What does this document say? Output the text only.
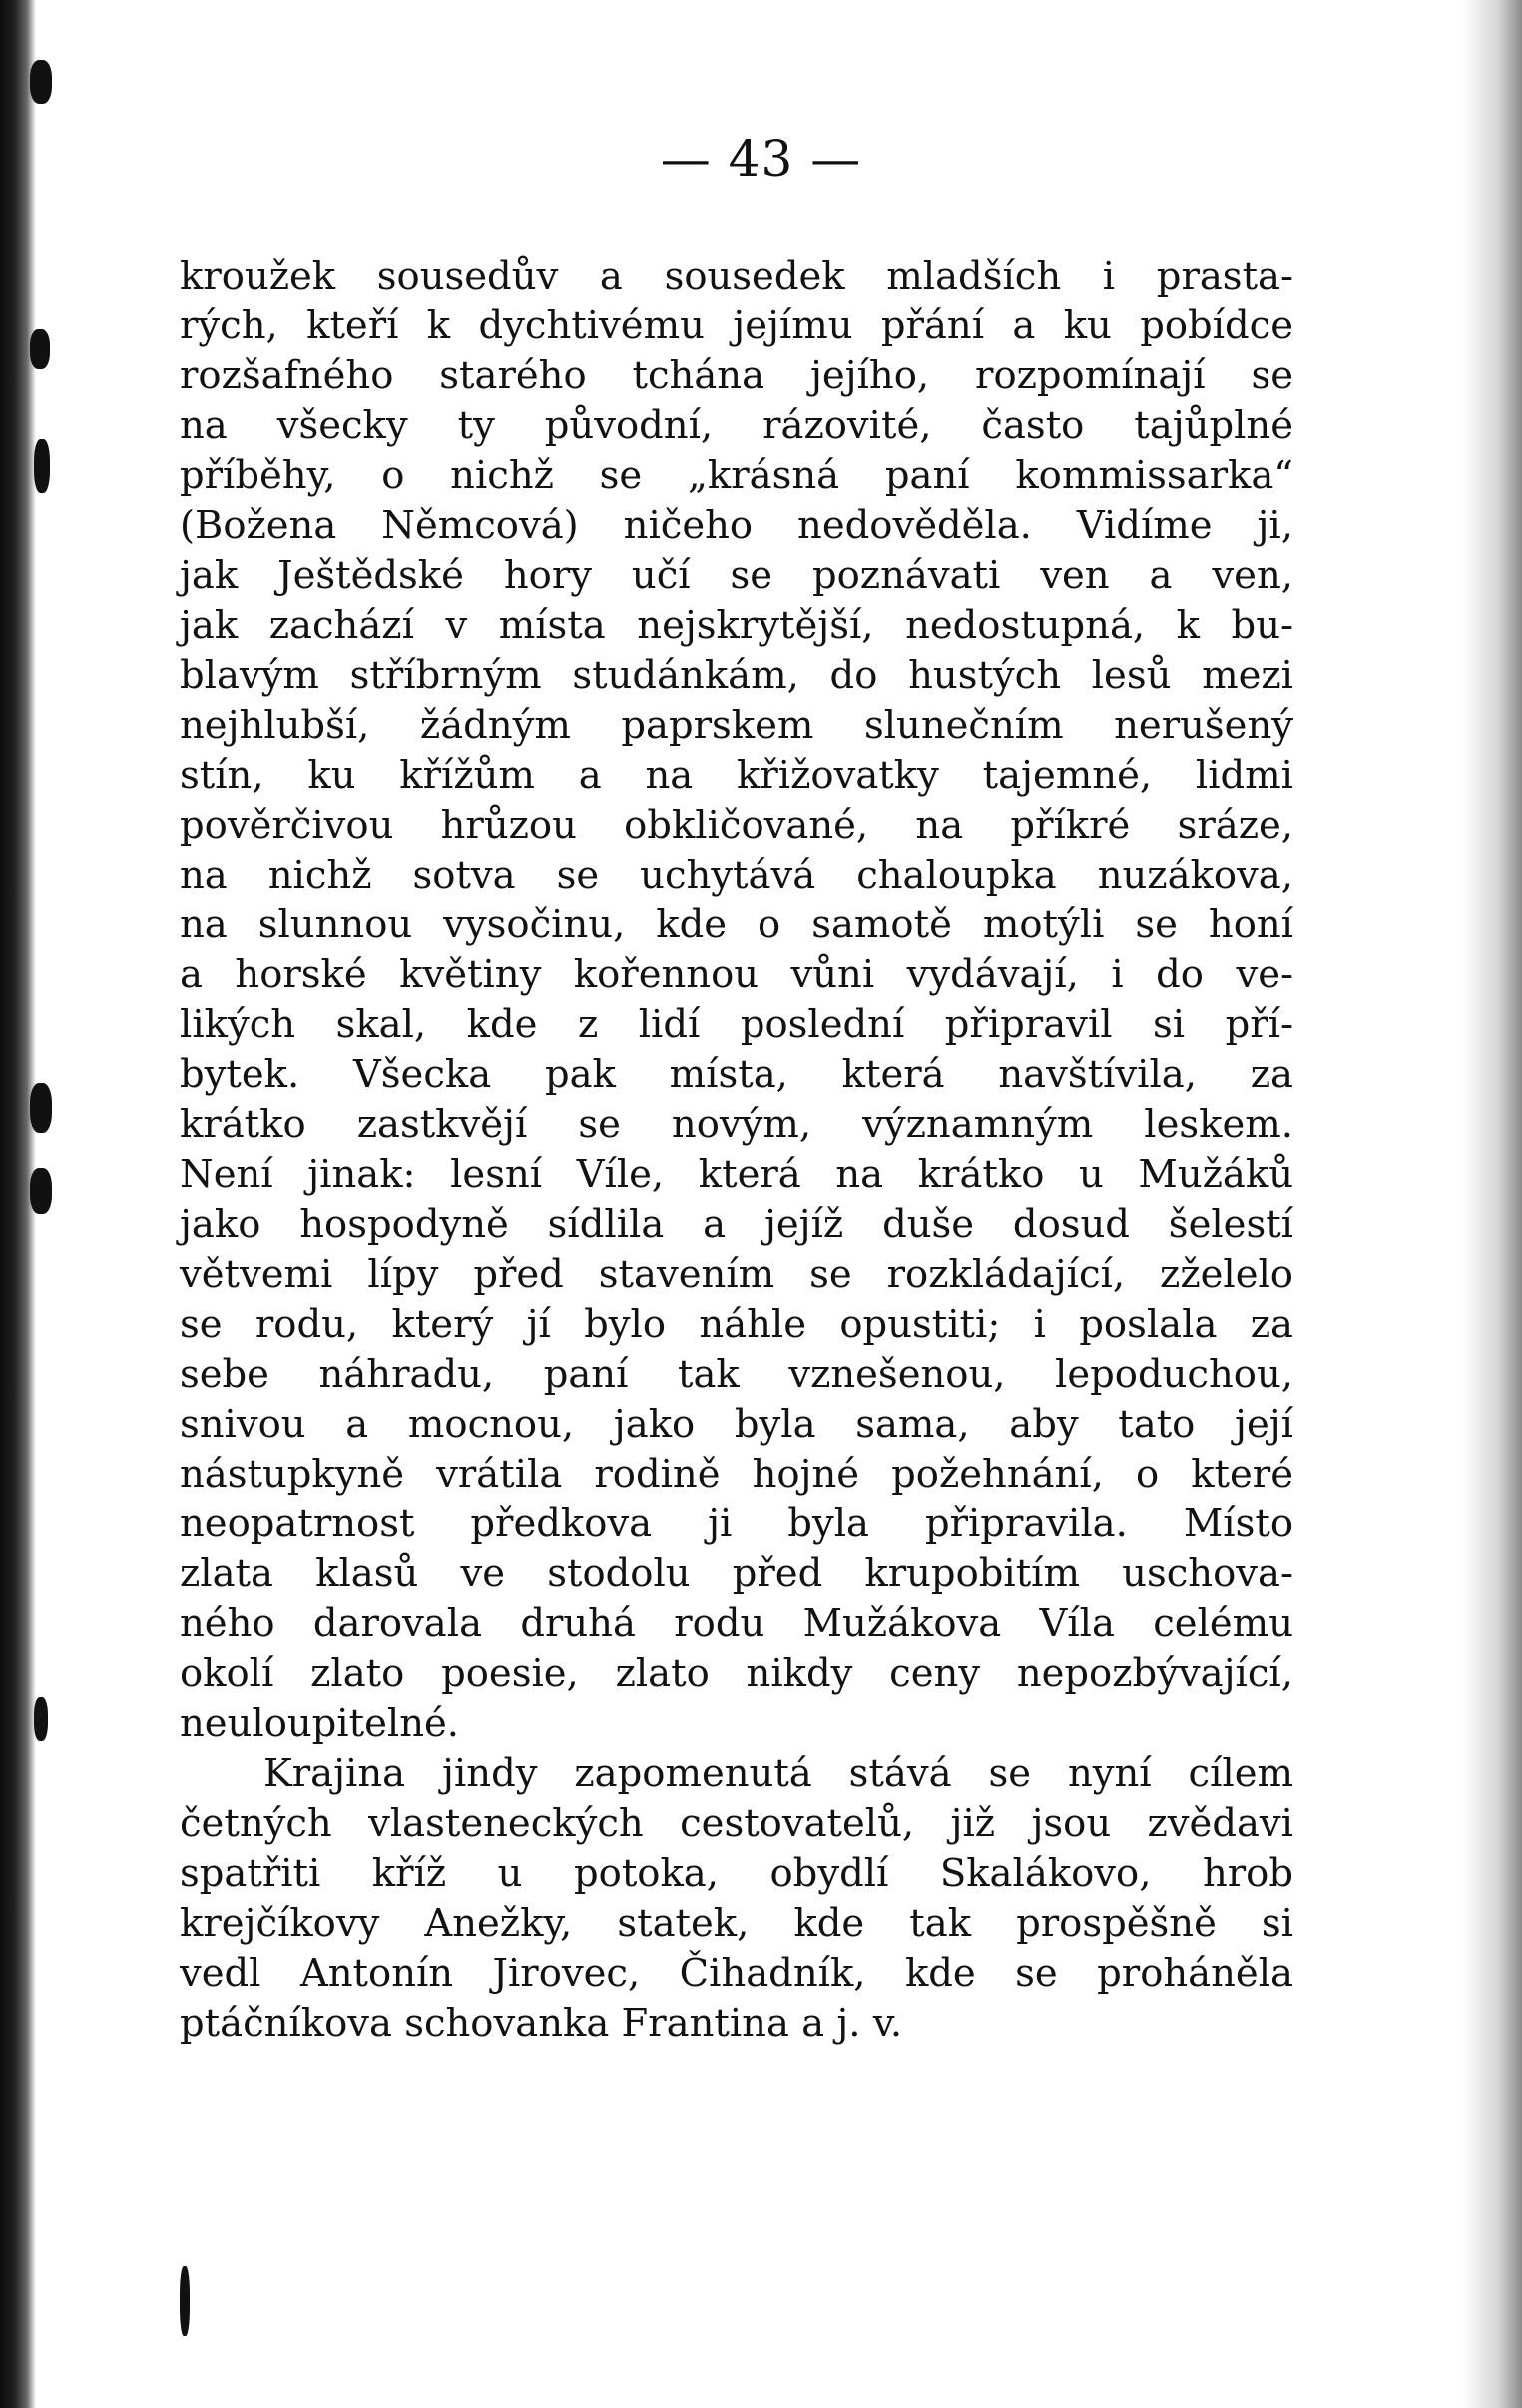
— 43 —
kroužek sousedův a sousedek mladších i prasta-
rých, kteří k dychtivému jejímu přání a ku pobídce
rozšafného starého tchána jejího, rozpomínají se
na všecky ty původní, rázovité, často tajůplné
příběhy, o nichž se „krásná paní kommissarka“
(Božena Němcová) ničeho nedověděla. Vidíme ji,
jak Ještědské hory učí se poznávati ven a ven,
jak zachází v místa nejskrytější, nedostupná, k bu-
blavým stříbrným studánkám, do hustých lesů mezi
nejhlubší, žádným paprskem slunečním nerušený
stín, ku křížům a na křižovatky tajemné, lidmi
pověrčivou hrůzou obkličované, na příkré sráze,
na nichž sotva se uchytává chaloupka nuzákova,
na slunnou vysočinu, kde o samotě motýli se honí
a horské květiny kořennou vůni vydávají, i do ve-
likých skal, kde z lidí poslední připravil si pří-
bytek. Všecka pak místa, která navštívila, za
krátko zastkvějí se novým, významným leskem.
Není jinak: lesní Víle, která na krátko u Mužáků
jako hospodyně sídlila a jejíž duše dosud šelestí
větvemi lípy před stavením se rozkládající, zželelo
se rodu, který jí bylo náhle opustiti; i poslala za
sebe náhradu, paní tak vznešenou, lepoduchou,
snivou a mocnou, jako byla sama, aby tato její
nástupkyně vrátila rodině hojné požehnání, o které
neopatrnost předkova ji byla připravila. Místo
zlata klasů ve stodolu před krupobitím uschova-
ného darovala druhá rodu Mužákova Víla celému
okolí zlato poesie, zlato nikdy ceny nepozbývající,
neuloupitelné.
Krajina jindy zapomenutá stává se nyní cílem
četných vlasteneckých cestovatelů, již jsou zvědavi
spatřiti kříž u potoka, obydlí Skalákovo, hrob
krejčíkovy Anežky, statek, kde tak prospěšně si
vedl Antonín Jirovec, Čihadník, kde se proháněla
ptáčníkova schovanka Frantina a j. v.
